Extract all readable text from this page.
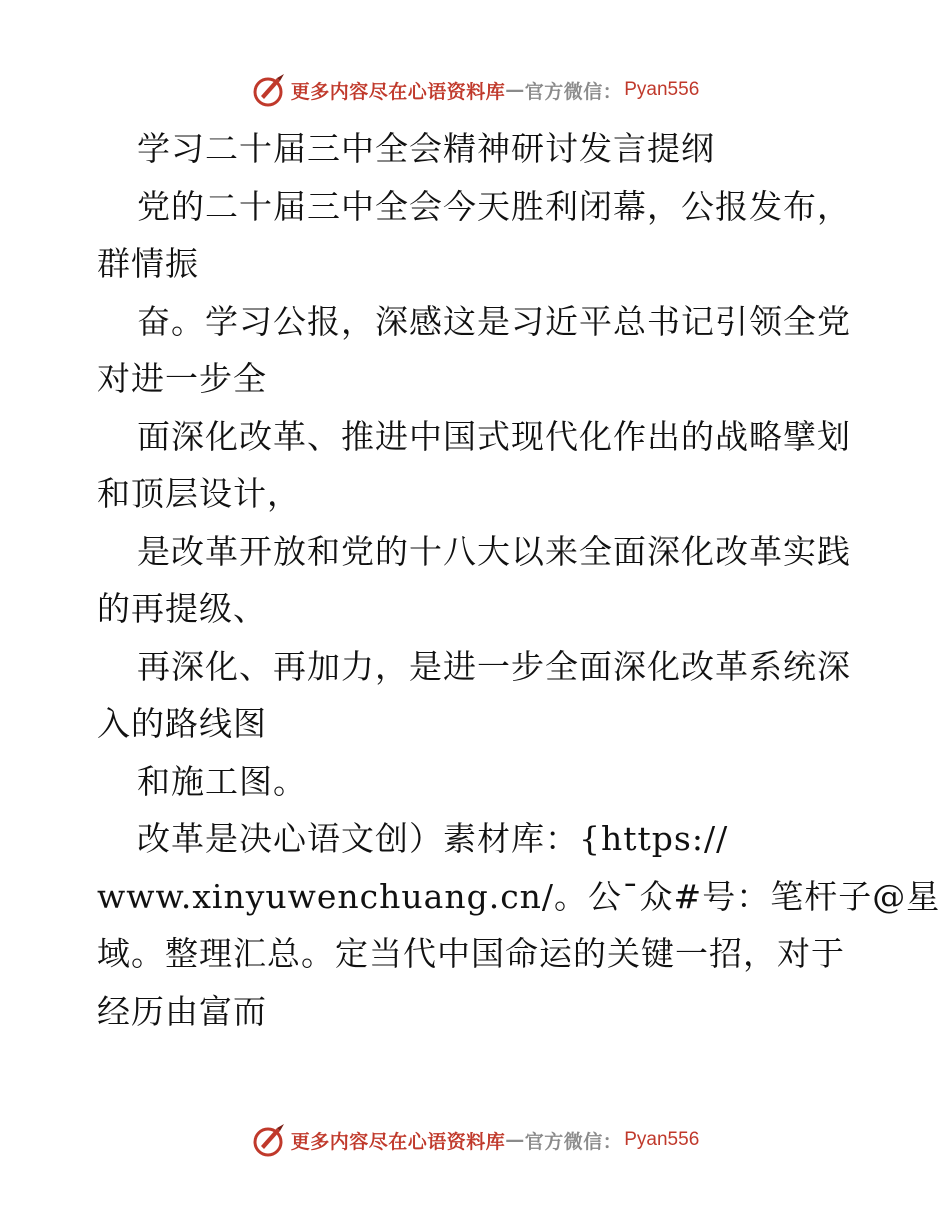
更多内容尽在心语资料库 — 官方微信： Pyan556
学习二十届三中全会精神研讨发言提纲
党的二十届三中全会今天胜利闭幕，公报发布，
群情振
奋。学习公报，深感这是习近平总书记引领全党
对进一步全
面深化改革、推进中国式现代化作出的战略擘划
和顶层设计，
是改革开放和党的十八大以来全面深化改革实践
的再提级、
再深化、再加力，是进一步全面深化改革系统深
入的路线图
和施工图。
改革是决心语文创）素材库：{https://
www.xinyuwenchuang.cn/。公¯众#号：笔杆子@星
域。整理汇总。定当代中国命运的关键一招，对于
经历由富而
更多内容尽在心语资料库 — 官方微信： Pyan556
